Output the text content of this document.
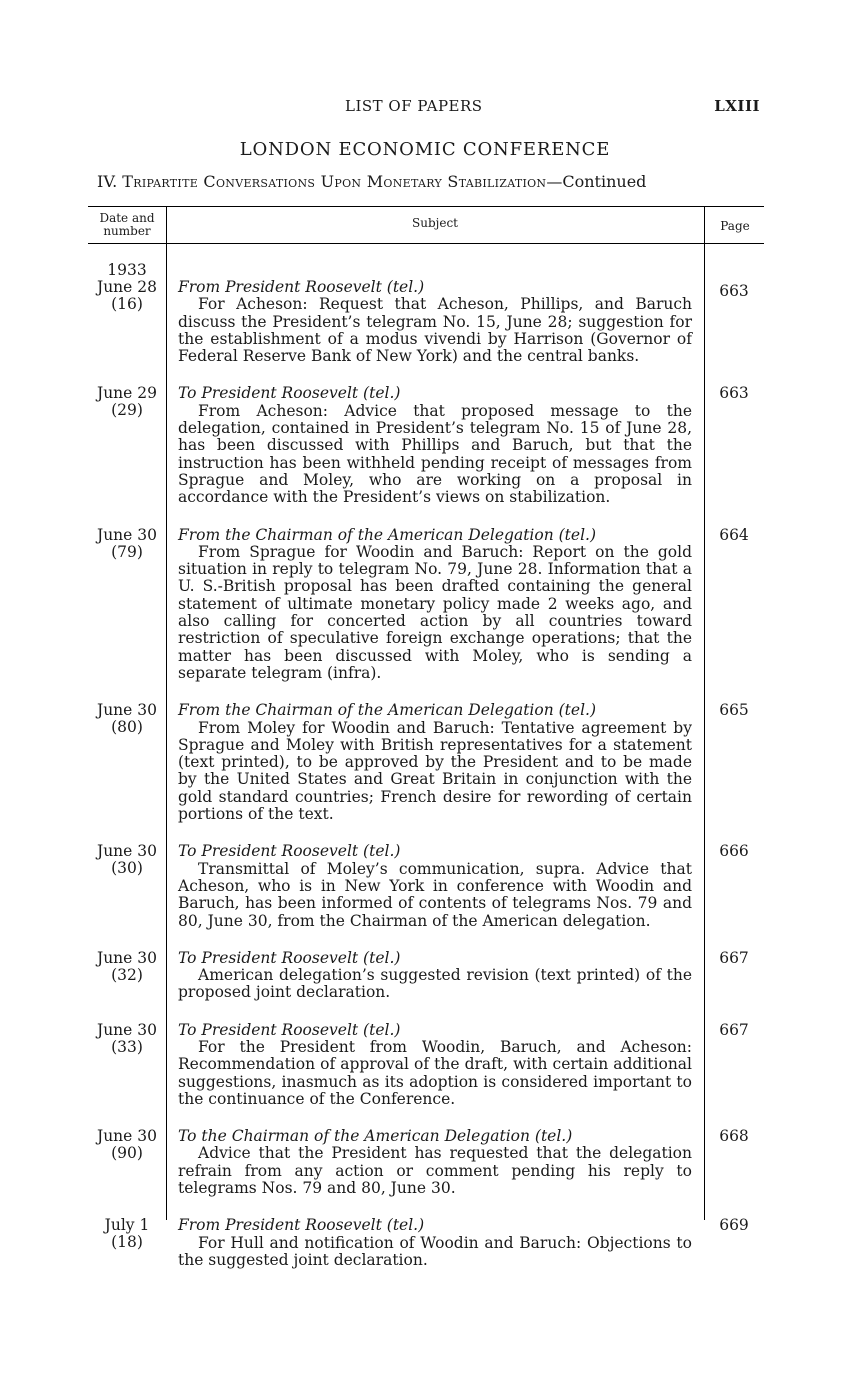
LIST OF PAPERS	LXIII
LONDON ECONOMIC CONFERENCE
IV. Tripartite Conversations Upon Monetary Stabilization—Continued
Date and
number
Subject	Page
1933
June 28
(16)
From President Roosevelt (tel.)
For Acheson: Request that Acheson, Phillips, and Baruch discuss the President’s telegram No. 15, June 28; suggestion for the establishment of a modus vivendi by Harrison (Governor of Federal Reserve Bank of New York) and the central banks.
663
June 29
(29)
To President Roosevelt (tel.)
From Acheson: Advice that proposed message to the delegation, contained in President’s telegram No. 15 of June 28, has been discussed with Phillips and Baruch, but that the instruction has been withheld pending receipt of messages from Sprague and Moley, who are working on a proposal in accordance with the President’s views on stabilization.
663
June 30
(79)
From the Chairman of the American Delegation (tel.)
From Sprague for Woodin and Baruch: Report on the gold situation in reply to telegram No. 79, June 28. Information that a U. S.-British proposal has been drafted containing the general statement of ultimate monetary policy made 2 weeks ago, and also calling for concerted action by all countries toward restriction of speculative foreign exchange operations; that the matter has been discussed with Moley, who is sending a separate telegram (infra).
664
June 30
(80)
From the Chairman of the American Delegation (tel.)
From Moley for Woodin and Baruch: Tentative agreement by Sprague and Moley with British representatives for a statement (text printed), to be approved by the President and to be made by the United States and Great Britain in conjunction with the gold standard countries; French desire for rewording of certain portions of the text.
665
June 30
(30)
To President Roosevelt (tel.)
Transmittal of Moley’s communication, supra. Advice that Acheson, who is in New York in conference with Woodin and Baruch, has been informed of contents of telegrams Nos. 79 and 80, June 30, from the Chairman of the American delegation.
666
June 30
(32)
To President Roosevelt (tel.)
American delegation’s suggested revision (text printed) of the proposed joint declaration.
667
June 30
(33)
To President Roosevelt (tel.)
For the President from Woodin, Baruch, and Acheson: Recommendation of approval of the draft, with certain additional suggestions, inasmuch as its adoption is considered important to the continuance of the Conference.
667
June 30
(90)
To the Chairman of the American Delegation (tel.)
Advice that the President has requested that the delegation refrain from any action or comment pending his reply to telegrams Nos. 79 and 80, June 30.
668
July 1
(18)
From President Roosevelt (tel.)
For Hull and notification of Woodin and Baruch: Objections to the suggested joint declaration.
669
